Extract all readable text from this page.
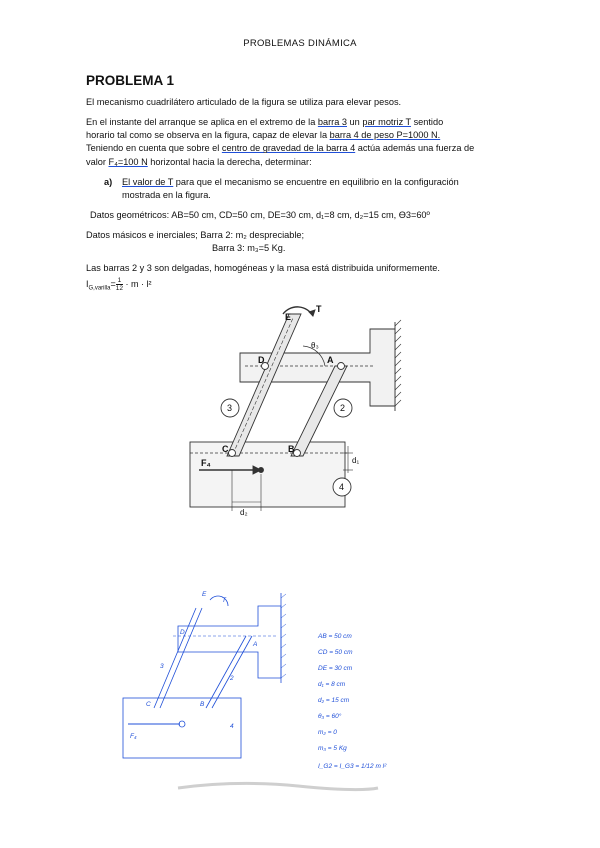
PROBLEMAS DINÁMICA
PROBLEMA 1
El mecanismo cuadrilátero articulado de la figura se utiliza para elevar pesos.
En el instante del arranque se aplica en el extremo de la barra 3 un par motriz T sentido
horario tal como se observa en la figura, capaz de elevar la barra 4 de peso P=1000 N.
Teniendo en cuenta que sobre el centro de gravedad de la barra 4 actúa además una fuerza de
valor F₄=100 N horizontal hacia la derecha, determinar:
a) El valor de T para que el mecanismo se encuentre en equilibrio en la configuración
mostrada en la figura.
Datos geométricos: AB=50 cm, CD=50 cm, DE=30 cm, d₁=8 cm, d₂=15 cm, Ɵ3=60º
Datos másicos e inerciales; Barra 2: m₂ despreciable;
Barra 3: m₃=5 Kg.
Las barras 2 y 3 son delgadas, homogéneas y la masa está distribuida uniformemente.
$I_{G,varilla}= \frac{1}{12} \cdot m \cdot l^2$
E
T
D	A
θ₃
3	2
C	B
F₄	d₁
4
d₂
E
T
D
A
C	B
3
2
4
F₄
AB = 50 cm
CD = 50 cm
DE = 30 cm
d₁ = 8 cm
d₂ = 15 cm
θ₃ = 60°
m₂ = 0
m₃ = 5 Kg
I_G2 = I_G3 = 1/12 m l²
